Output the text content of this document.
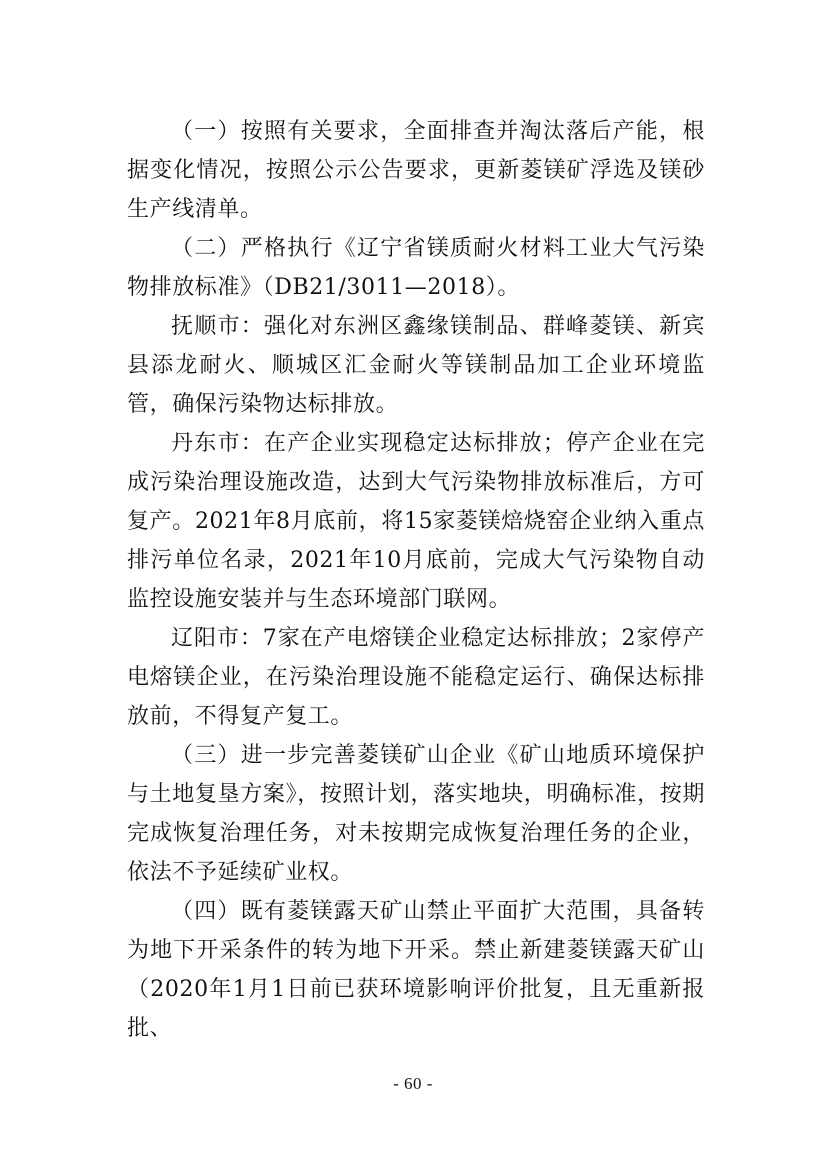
（一）按照有关要求，全面排查并淘汰落后产能，根据变化情况，按照公示公告要求，更新菱镁矿浮选及镁砂生产线清单。

（二）严格执行《辽宁省镁质耐火材料工业大气污染物排放标准》（DB21/3011—2018）。

抚顺市：强化对东洲区鑫缘镁制品、群峰菱镁、新宾县添龙耐火、顺城区汇金耐火等镁制品加工企业环境监管，确保污染物达标排放。

丹东市：在产企业实现稳定达标排放；停产企业在完成污染治理设施改造，达到大气污染物排放标准后，方可复产。2021年8月底前，将15家菱镁焙烧窑企业纳入重点排污单位名录，2021年10月底前，完成大气污染物自动监控设施安装并与生态环境部门联网。

辽阳市：7家在产电熔镁企业稳定达标排放；2家停产电熔镁企业，在污染治理设施不能稳定运行、确保达标排放前，不得复产复工。

（三）进一步完善菱镁矿山企业《矿山地质环境保护与土地复垦方案》，按照计划，落实地块，明确标准，按期完成恢复治理任务，对未按期完成恢复治理任务的企业，依法不予延续矿业权。

（四）既有菱镁露天矿山禁止平面扩大范围，具备转为地下开采条件的转为地下开采。禁止新建菱镁露天矿山（2020年1月1日前已获环境影响评价批复，且无重新报批、

- 60 -
